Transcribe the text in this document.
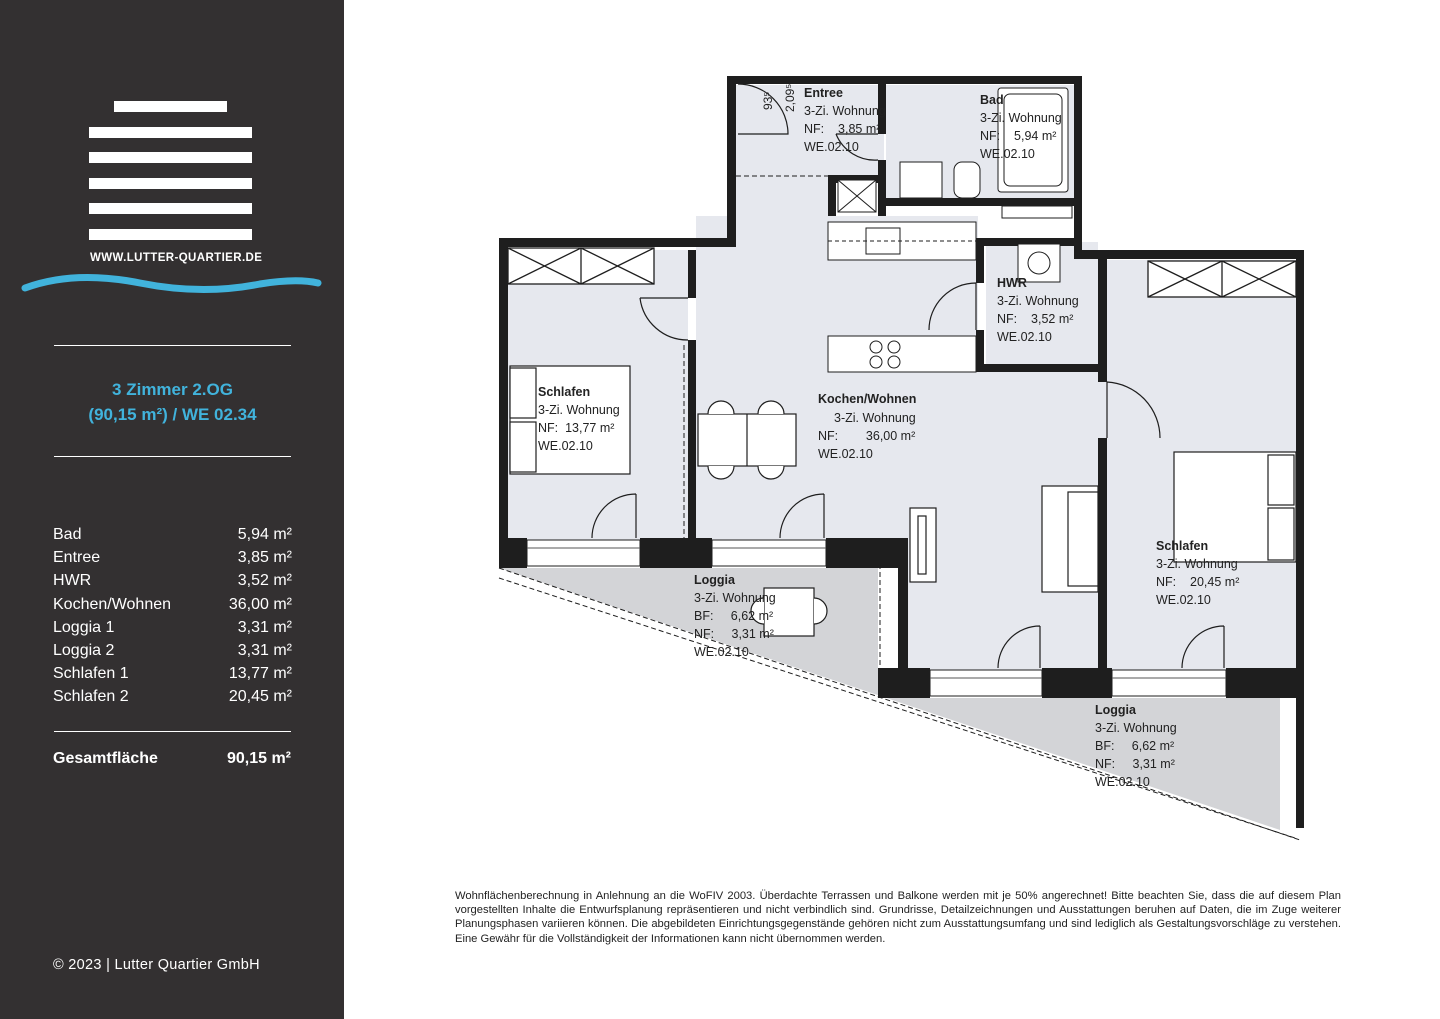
WWW.LUTTER-QUARTIER.DE
3 Zimmer 2.OG
(90,15 m²) / WE 02.34
Bad	5,94 m²
Entree	3,85 m²
HWR	3,52 m²
Kochen/Wohnen	36,00 m²
Loggia 1	3,31 m²
Loggia 2	3,31 m²
Schlafen 1	13,77 m²
Schlafen 2	20,45 m²
Gesamtfläche	90,15 m²
© 2023 | Lutter Quartier GmbH
93⁵ 2,09⁵ Entree
3-Zi. Wohnung
NF:    3,85 m²
WE.02.10
Bad
3-Zi. Wohnung
NF:    5,94 m²
WE.02.10
HWR
3-Zi. Wohnung
NF:    3,52 m²
WE.02.10
Schlafen
3-Zi. Wohnung
NF:  13,77 m²
WE.02.10
Kochen/Wohnen
3-Zi. Wohnung
NF:        36,00 m²
WE.02.10
Schlafen
3-Zi. Wohnung
NF:    20,45 m²
WE.02.10
Loggia
3-Zi. Wohnung
BF:     6,62 m²
NF:     3,31 m²
WE.02.10
Loggia
3-Zi. Wohnung
BF:     6,62 m²
NF:     3,31 m²
WE.02.10
Wohnflächenberechnung in Anlehnung an die WoFIV 2003. Überdachte Terrassen und Balkone werden mit je 50% angerechnet! Bitte beachten Sie, dass die auf diesem Plan vorgestellten Inhalte die Entwurfsplanung repräsentieren und nicht verbindlich sind. Grundrisse, Detailzeichnungen und Ausstattungen beruhen auf Daten, die im Zuge weiterer Planungsphasen variieren können. Die abgebildeten Einrichtungsgegenstände gehören nicht zum Ausstattungsumfang und sind lediglich als Gestaltungsvorschläge zu verstehen. Eine Gewähr für die Vollständigkeit der Informationen kann nicht übernommen werden.
